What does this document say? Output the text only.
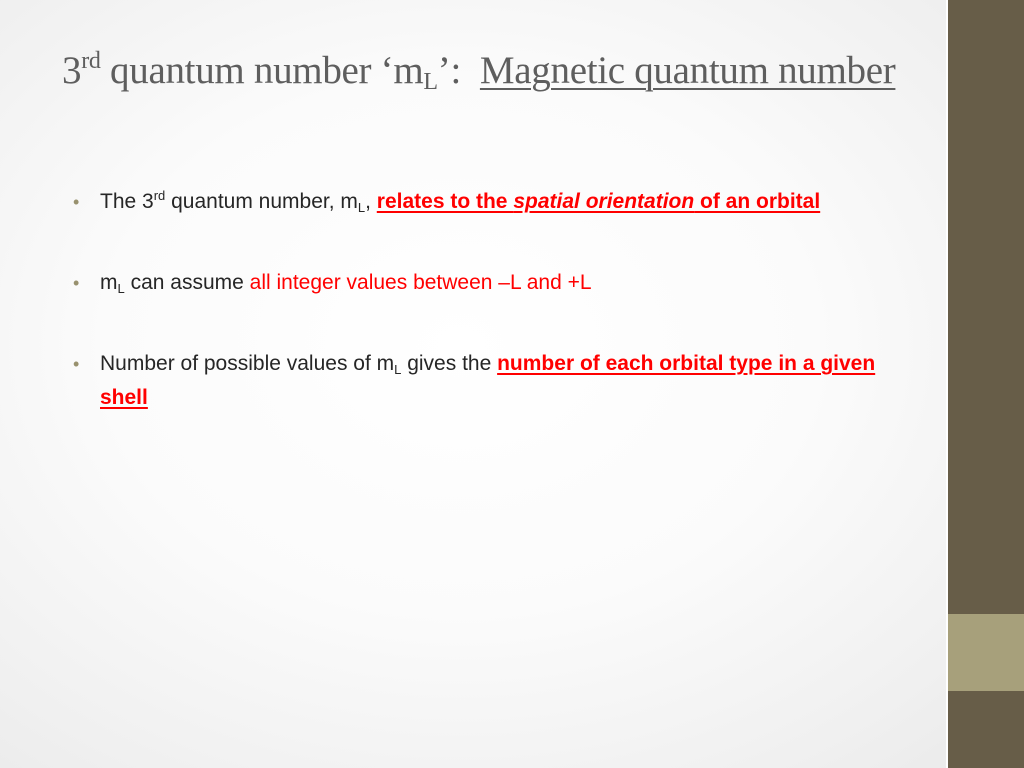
3rd quantum number ‘$m_L$’:  Magnetic quantum number
• The 3rd quantum number, $m_L$, relates to the spatial orientation of an orbital
• $m_L$ can assume all integer values between –L and +L
• Number of possible values of $m_L$ gives the number of each orbital type in a given shell
